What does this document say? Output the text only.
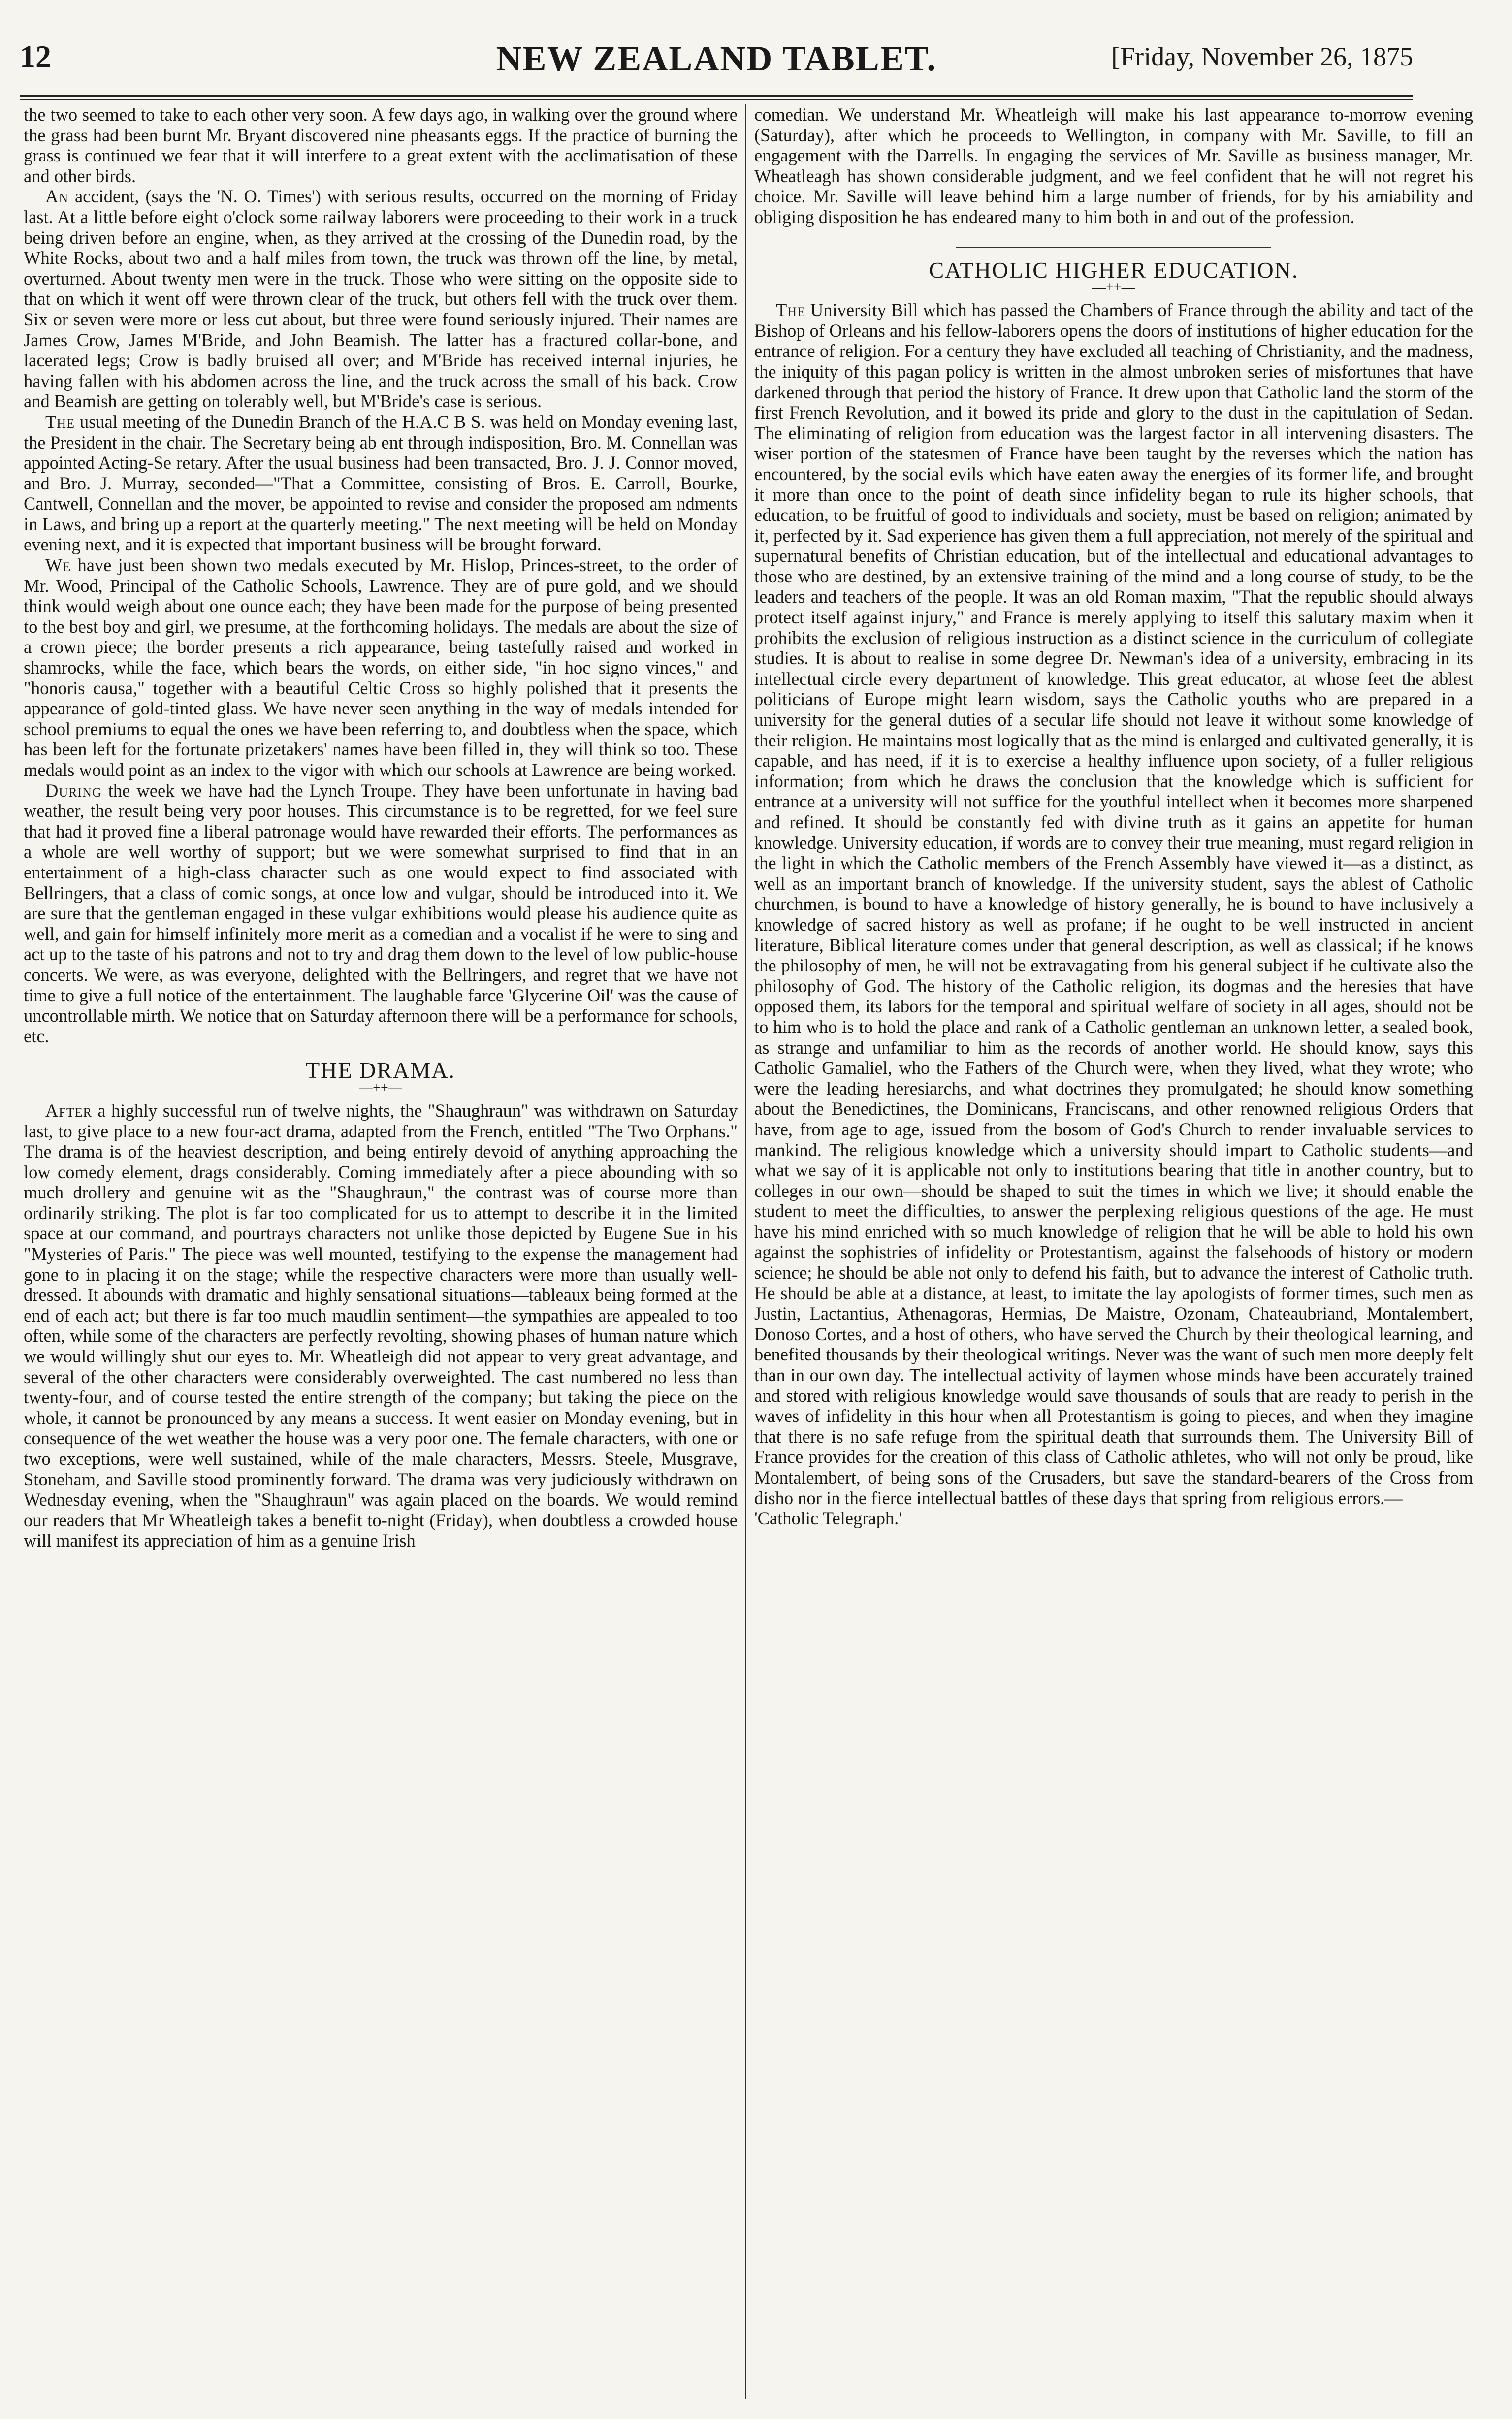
12	NEW ZEALAND TABLET.	[Friday, November 26, 1875

the two seemed to take to each other very soon. A few days ago, in walking over the ground where the grass had been burnt Mr. Bryant discovered nine pheasants eggs. If the practice of burning the grass is continued we fear that it will interfere to a great extent with the acclimatisation of these and other birds.

An accident, (says the 'N. O. Times') with serious results, occurred on the morning of Friday last. At a little before eight o'clock some railway laborers were proceeding to their work in a truck being driven before an engine, when, as they arrived at the crossing of the Dunedin road, by the White Rocks, about two and a half miles from town, the truck was thrown off the line, by metal, overturned. About twenty men were in the truck. Those who were sitting on the opposite side to that on which it went off were thrown clear of the truck, but others fell with the truck over them. Six or seven were more or less cut about, but three were found seriously injured. Their names are James Crow, James M'Bride, and John Beamish. The latter has a fractured collar-bone, and lacerated legs; Crow is badly bruised all over; and M'Bride has received internal injuries, he having fallen with his abdomen across the line, and the truck across the small of his back. Crow and Beamish are getting on tolerably well, but M'Bride's case is serious.

The usual meeting of the Dunedin Branch of the H.A.C B S. was held on Monday evening last, the President in the chair. The Secretary being ab ent through indisposition, Bro. M. Connellan was appointed Acting-Se retary. After the usual business had been transacted, Bro. J. J. Connor moved, and Bro. J. Murray, seconded—"That a Committee, consisting of Bros. E. Carroll, Bourke, Cantwell, Connellan and the mover, be appointed to revise and consider the proposed am ndments in Laws, and bring up a report at the quarterly meeting." The next meeting will be held on Monday evening next, and it is expected that important business will be brought forward.

We have just been shown two medals executed by Mr. Hislop, Princes-street, to the order of Mr. Wood, Principal of the Catholic Schools, Lawrence. They are of pure gold, and we should think would weigh about one ounce each; they have been made for the purpose of being presented to the best boy and girl, we presume, at the forthcoming holidays. The medals are about the size of a crown piece; the border presents a rich appearance, being tastefully raised and worked in shamrocks, while the face, which bears the words, on either side, "in hoc signo vinces," and "honoris causa," together with a beautiful Celtic Cross so highly polished that it presents the appearance of gold-tinted glass. We have never seen anything in the way of medals intended for school premiums to equal the ones we have been referring to, and doubtless when the space, which has been left for the fortunate prizetakers' names have been filled in, they will think so too. These medals would point as an index to the vigor with which our schools at Lawrence are being worked.

During the week we have had the Lynch Troupe. They have been unfortunate in having bad weather, the result being very poor houses. This circumstance is to be regretted, for we feel sure that had it proved fine a liberal patronage would have rewarded their efforts. The performances as a whole are well worthy of support; but we were somewhat surprised to find that in an entertainment of a high-class character such as one would expect to find associated with Bellringers, that a class of comic songs, at once low and vulgar, should be introduced into it. We are sure that the gentleman engaged in these vulgar exhibitions would please his audience quite as well, and gain for himself infinitely more merit as a comedian and a vocalist if he were to sing and act up to the taste of his patrons and not to try and drag them down to the level of low public-house concerts. We were, as was everyone, delighted with the Bellringers, and regret that we have not time to give a full notice of the entertainment. The laughable farce 'Glycerine Oil' was the cause of uncontrollable mirth. We notice that on Saturday afternoon there will be a performance for schools, etc.

THE DRAMA.
—++—

After a highly successful run of twelve nights, the "Shaughraun" was withdrawn on Saturday last, to give place to a new four-act drama, adapted from the French, entitled "The Two Orphans." The drama is of the heaviest description, and being entirely devoid of anything approaching the low comedy element, drags considerably. Coming immediately after a piece abounding with so much drollery and genuine wit as the "Shaughraun," the contrast was of course more than ordinarily striking. The plot is far too complicated for us to attempt to describe it in the limited space at our command, and pourtrays characters not unlike those depicted by Eugene Sue in his "Mysteries of Paris." The piece was well mounted, testifying to the expense the management had gone to in placing it on the stage; while the respective characters were more than usually well-dressed. It abounds with dramatic and highly sensational situations—tableaux being formed at the end of each act; but there is far too much maudlin sentiment—the sympathies are appealed to too often, while some of the characters are perfectly revolting, showing phases of human nature which we would willingly shut our eyes to. Mr. Wheatleigh did not appear to very great advantage, and several of the other characters were considerably overweighted. The cast numbered no less than twenty-four, and of course tested the entire strength of the company; but taking the piece on the whole, it cannot be pronounced by any means a success. It went easier on Monday evening, but in consequence of the wet weather the house was a very poor one. The female characters, with one or two exceptions, were well sustained, while of the male characters, Messrs. Steele, Musgrave, Stoneham, and Saville stood prominently forward. The drama was very judiciously withdrawn on Wednesday evening, when the "Shaughraun" was again placed on the boards. We would remind our readers that Mr Wheatleigh takes a benefit to-night (Friday), when doubtless a crowded house will manifest its appreciation of him as a genuine Irish

comedian. We understand Mr. Wheatleigh will make his last appearance to-morrow evening (Saturday), after which he proceeds to Wellington, in company with Mr. Saville, to fill an engagement with the Darrells. In engaging the services of Mr. Saville as business manager, Mr. Wheatleagh has shown considerable judgment, and we feel confident that he will not regret his choice. Mr. Saville will leave behind him a large number of friends, for by his amiability and obliging disposition he has endeared many to him both in and out of the profession.

CATHOLIC HIGHER EDUCATION.
—++—

The University Bill which has passed the Chambers of France through the ability and tact of the Bishop of Orleans and his fellow-laborers opens the doors of institutions of higher education for the entrance of religion. For a century they have excluded all teaching of Christianity, and the madness, the iniquity of this pagan policy is written in the almost unbroken series of misfortunes that have darkened through that period the history of France. It drew upon that Catholic land the storm of the first French Revolution, and it bowed its pride and glory to the dust in the capitulation of Sedan. The eliminating of religion from education was the largest factor in all intervening disasters. The wiser portion of the statesmen of France have been taught by the reverses which the nation has encountered, by the social evils which have eaten away the energies of its former life, and brought it more than once to the point of death since infidelity began to rule its higher schools, that education, to be fruitful of good to individuals and society, must be based on religion; animated by it, perfected by it. Sad experience has given them a full appreciation, not merely of the spiritual and supernatural benefits of Christian education, but of the intellectual and educational advantages to those who are destined, by an extensive training of the mind and a long course of study, to be the leaders and teachers of the people. It was an old Roman maxim, "That the republic should always protect itself against injury," and France is merely applying to itself this salutary maxim when it prohibits the exclusion of religious instruction as a distinct science in the curriculum of collegiate studies. It is about to realise in some degree Dr. Newman's idea of a university, embracing in its intellectual circle every department of knowledge. This great educator, at whose feet the ablest politicians of Europe might learn wisdom, says the Catholic youths who are prepared in a university for the general duties of a secular life should not leave it without some knowledge of their religion. He maintains most logically that as the mind is enlarged and cultivated generally, it is capable, and has need, if it is to exercise a healthy influence upon society, of a fuller religious information; from which he draws the conclusion that the knowledge which is sufficient for entrance at a university will not suffice for the youthful intellect when it becomes more sharpened and refined. It should be constantly fed with divine truth as it gains an appetite for human knowledge. University education, if words are to convey their true meaning, must regard religion in the light in which the Catholic members of the French Assembly have viewed it—as a distinct, as well as an important branch of knowledge. If the university student, says the ablest of Catholic churchmen, is bound to have a knowledge of history generally, he is bound to have inclusively a knowledge of sacred history as well as profane; if he ought to be well instructed in ancient literature, Biblical literature comes under that general description, as well as classical; if he knows the philosophy of men, he will not be extravagating from his general subject if he cultivate also the philosophy of God. The history of the Catholic religion, its dogmas and the heresies that have opposed them, its labors for the temporal and spiritual welfare of society in all ages, should not be to him who is to hold the place and rank of a Catholic gentleman an unknown letter, a sealed book, as strange and unfamiliar to him as the records of another world. He should know, says this Catholic Gamaliel, who the Fathers of the Church were, when they lived, what they wrote; who were the leading heresiarchs, and what doctrines they promulgated; he should know something about the Benedictines, the Dominicans, Franciscans, and other renowned religious Orders that have, from age to age, issued from the bosom of God's Church to render invaluable services to mankind. The religious knowledge which a university should impart to Catholic students—and what we say of it is applicable not only to institutions bearing that title in another country, but to colleges in our own—should be shaped to suit the times in which we live; it should enable the student to meet the difficulties, to answer the perplexing religious questions of the age. He must have his mind enriched with so much knowledge of religion that he will be able to hold his own against the sophistries of infidelity or Protestantism, against the falsehoods of history or modern science; he should be able not only to defend his faith, but to advance the interest of Catholic truth. He should be able at a distance, at least, to imitate the lay apologists of former times, such men as Justin, Lactantius, Athenagoras, Hermias, De Maistre, Ozonam, Chateaubriand, Montalembert, Donoso Cortes, and a host of others, who have served the Church by their theological learning, and benefited thousands by their theological writings. Never was the want of such men more deeply felt than in our own day. The intellectual activity of laymen whose minds have been accurately trained and stored with religious knowledge would save thousands of souls that are ready to perish in the waves of infidelity in this hour when all Protestantism is going to pieces, and when they imagine that there is no safe refuge from the spiritual death that surrounds them. The University Bill of France provides for the creation of this class of Catholic athletes, who will not only be proud, like Montalembert, of being sons of the Crusaders, but save the standard-bearers of the Cross from disho nor in the fierce intellectual battles of these days that spring from religious errors.—

'Catholic Telegraph.'
